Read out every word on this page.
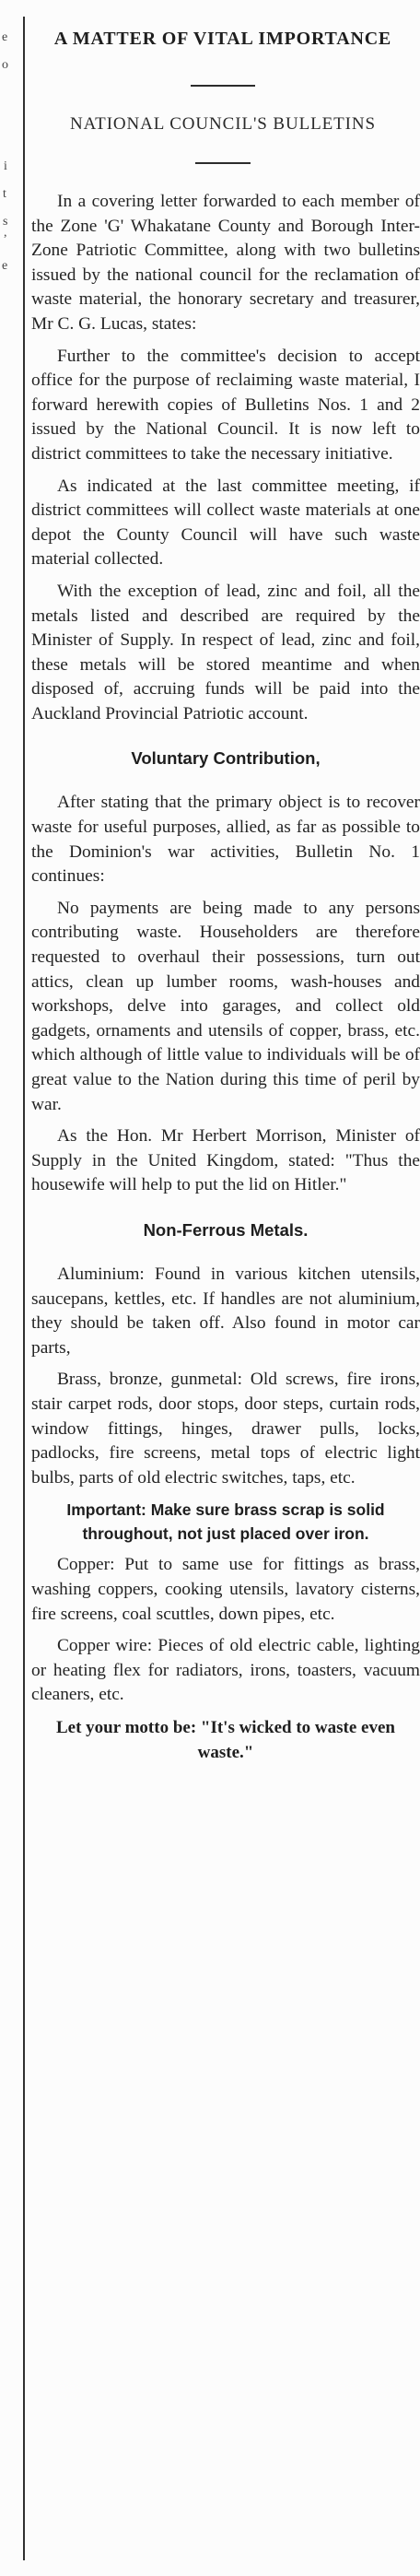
e
o
i
t
s
,
e
A MATTER OF VITAL IMPORTANCE
NATIONAL COUNCIL'S BULLETINS

In a covering letter forwarded to each member of the Zone 'G' Whakatane County and Borough Inter-Zone Patriotic Committee, along with two bulletins issued by the national council for the reclamation of waste material, the honorary secretary and treasurer, Mr C. G. Lucas, states:

Further to the committee's decision to accept office for the purpose of reclaiming waste material, I forward herewith copies of Bulletins Nos. 1 and 2 issued by the National Council. It is now left to district committees to take the necessary initiative.

As indicated at the last committee meeting, if district committees will collect waste materials at one depot the County Council will have such waste material collected.

With the exception of lead, zinc and foil, all the metals listed and described are required by the Minister of Supply. In respect of lead, zinc and foil, these metals will be stored meantime and when disposed of, accruing funds will be paid into the Auckland Provincial Patriotic account.

Voluntary Contribution,

After stating that the primary object is to recover waste for useful purposes, allied, as far as possible to the Dominion's war activities, Bulletin No. 1 continues:

No payments are being made to any persons contributing waste. Householders are therefore requested to overhaul their possessions, turn out attics, clean up lumber rooms, wash-houses and workshops, delve into garages, and collect old gadgets, ornaments and utensils of copper, brass, etc. which although of little value to individuals will be of great value to the Nation during this time of peril by war.

As the Hon. Mr Herbert Morrison, Minister of Supply in the United Kingdom, stated: "Thus the housewife will help to put the lid on Hitler."

Non-Ferrous Metals.

Aluminium: Found in various kitchen utensils, saucepans, kettles, etc. If handles are not aluminium, they should be taken off. Also found in motor car parts,

Brass, bronze, gunmetal: Old screws, fire irons, stair carpet rods, door stops, door steps, curtain rods, window fittings, hinges, drawer pulls, locks, padlocks, fire screens, metal tops of electric light bulbs, parts of old electric switches, taps, etc.

Important: Make sure brass scrap is solid throughout, not just placed over iron.

Copper: Put to same use for fittings as brass, washing coppers, cooking utensils, lavatory cisterns, fire screens, coal scuttles, down pipes, etc.

Copper wire: Pieces of old electric cable, lighting or heating flex for radiators, irons, toasters, vacuum cleaners, etc.

Let your motto be: "It's wicked to waste even waste."
